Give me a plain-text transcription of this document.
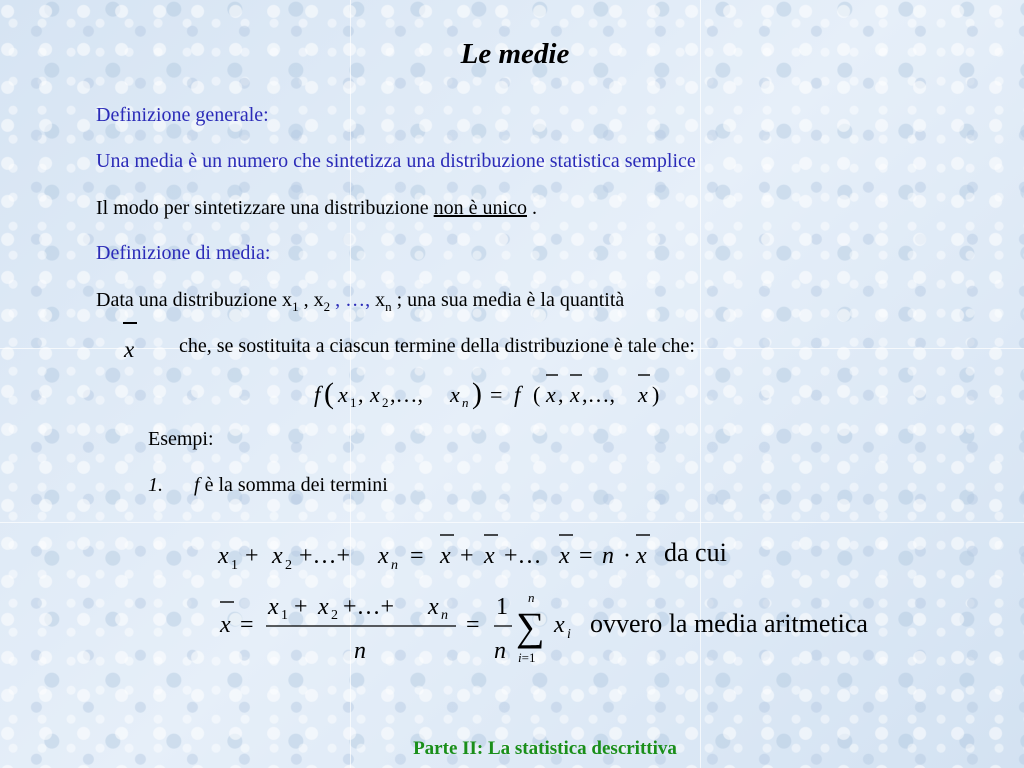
Le medie
Definizione generale:
Una media è un numero che sintetizza una distribuzione statistica semplice
Il modo per sintetizzare una distribuzione non è unico .
Definizione di media:
Data una distribuzione $x_1$ , $x_2$ , …, $x_n$ ; una sua media è la quantità
x che, se sostituita a ciascun termine della distribuzione è tale che:
f ( x 1 , x 2 ,…, x n ) = f ( x , x ,…, x )
Esempi:
1. f è la somma dei termini
x 1 + x 2 +…+ x n = x + x +… x = n · x da cui
x =
x 1 + x 2 +…+ x n
n
=
1
n
n
∑
i=1
x i ovvero la media aritmetica
Parte II: La statistica descrittiva
